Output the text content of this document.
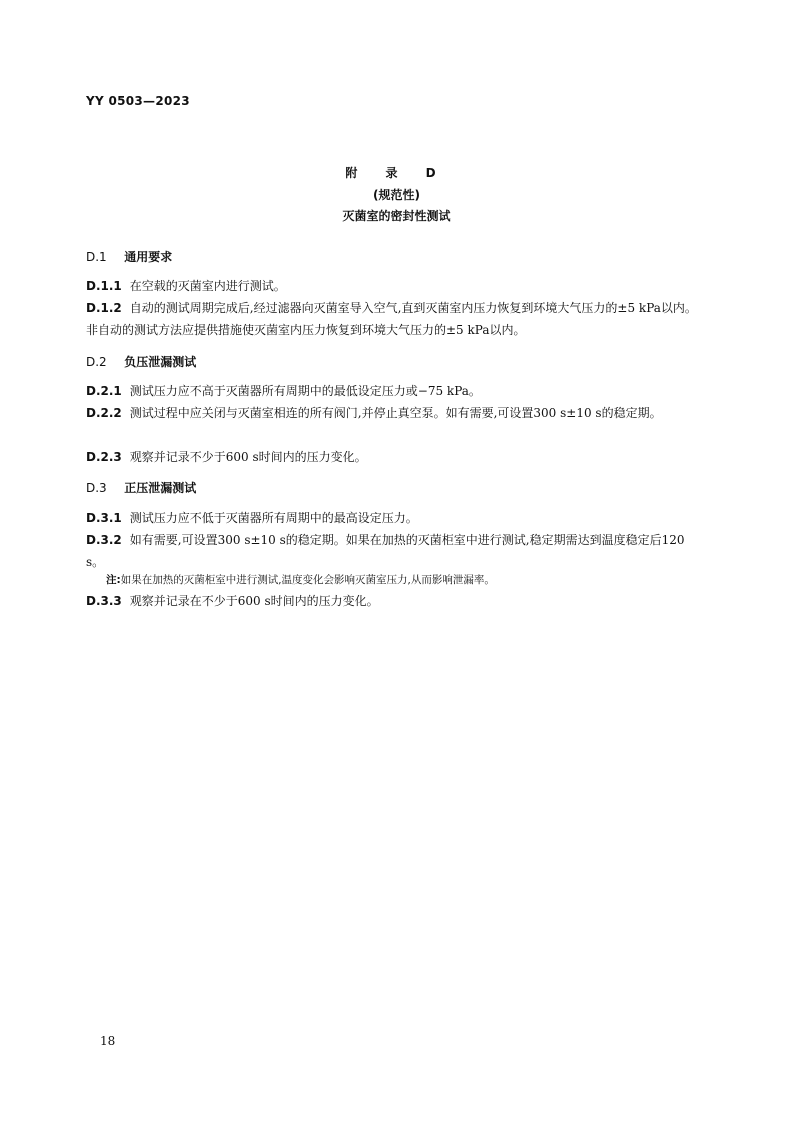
YY 0503—2023
附 录 D
(规范性)
灭菌室的密封性测试
D.1 通用要求
D.1.1 在空载的灭菌室内进行测试。
D.1.2 自动的测试周期完成后,经过滤器向灭菌室导入空气,直到灭菌室内压力恢复到环境大气压力的±5 kPa以内。非自动的测试方法应提供措施使灭菌室内压力恢复到环境大气压力的±5 kPa以内。
D.2 负压泄漏测试
D.2.1 测试压力应不高于灭菌器所有周期中的最低设定压力或−75 kPa。
D.2.2 测试过程中应关闭与灭菌室相连的所有阀门,并停止真空泵。如有需要,可设置300 s±10 s的稳定期。
D.2.3 观察并记录不少于600 s时间内的压力变化。
D.3 正压泄漏测试
D.3.1 测试压力应不低于灭菌器所有周期中的最高设定压力。
D.3.2 如有需要,可设置300 s±10 s的稳定期。如果在加热的灭菌柜室中进行测试,稳定期需达到温度稳定后120 s。
注:如果在加热的灭菌柜室中进行测试,温度变化会影响灭菌室压力,从而影响泄漏率。
D.3.3 观察并记录在不少于600 s时间内的压力变化。
18
